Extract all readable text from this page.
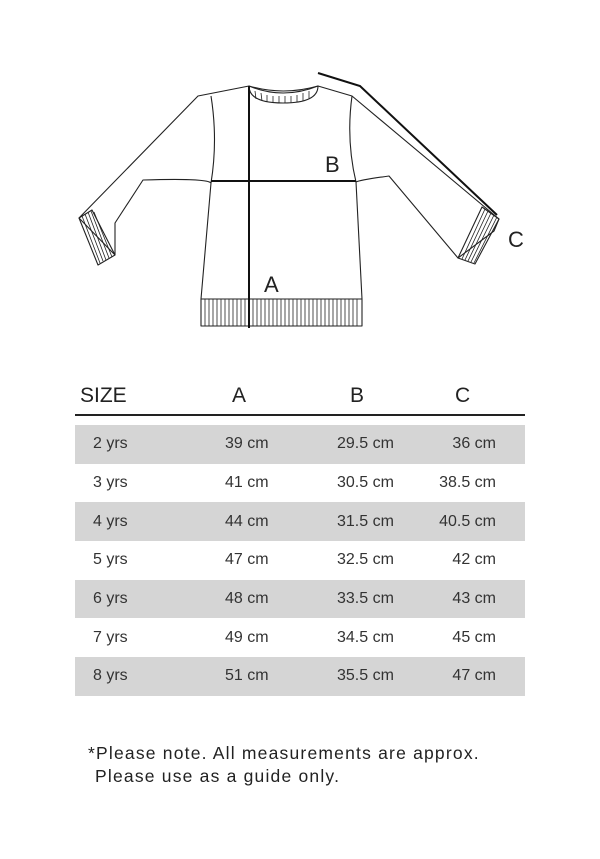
A
B
C
SIZE	A	B	C
2 yrs	39 cm	29.5 cm	36 cm
3 yrs	41 cm	30.5 cm	38.5 cm
4 yrs	44 cm	31.5 cm	40.5 cm
5 yrs	47 cm	32.5 cm	42 cm
6 yrs	48 cm	33.5 cm	43 cm
7 yrs	49 cm	34.5 cm	45 cm
8 yrs	51 cm	35.5 cm	47 cm
*Please note. All measurements are approx.
Please use as a guide only.
